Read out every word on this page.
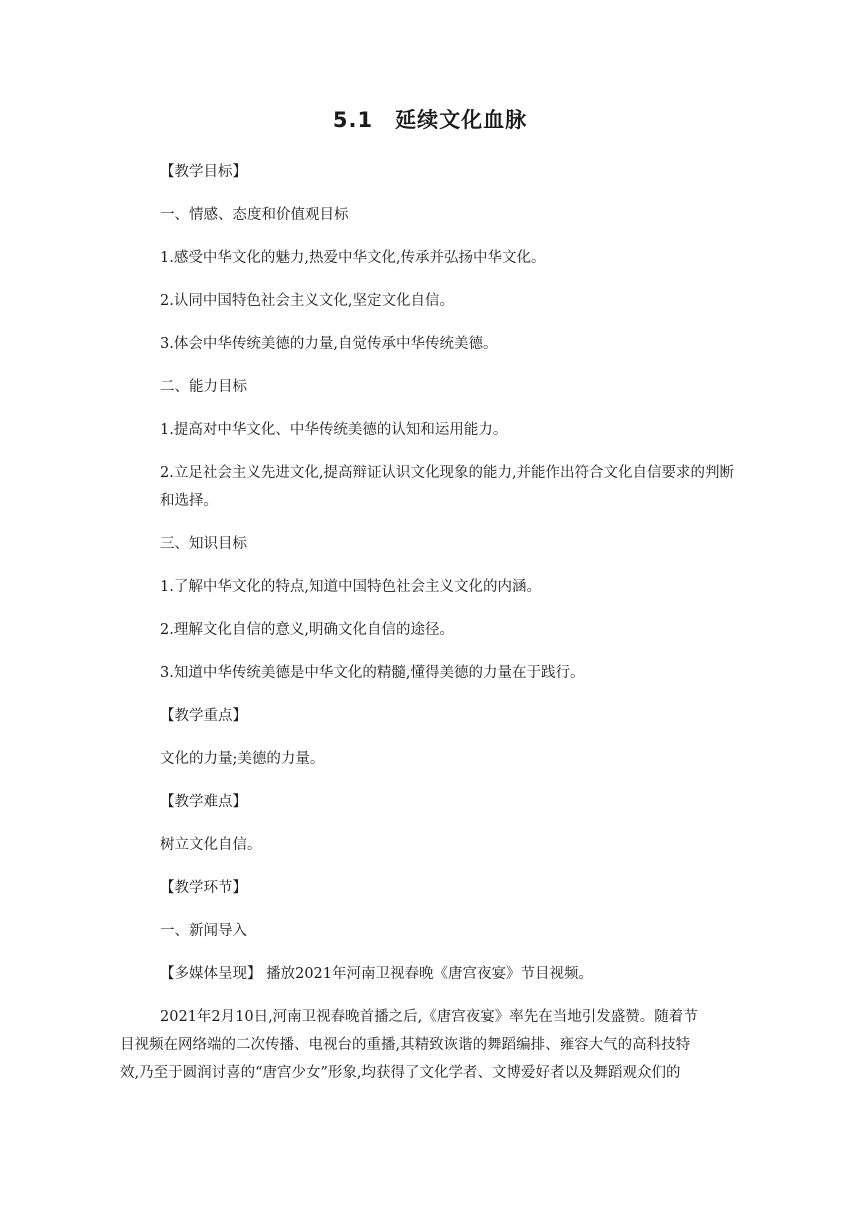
5.1 延续文化血脉
【教学目标】
一、情感、态度和价值观目标
1.感受中华文化的魅力,热爱中华文化,传承并弘扬中华文化。
2.认同中国特色社会主义文化,坚定文化自信。
3.体会中华传统美德的力量,自觉传承中华传统美德。
二、能力目标
1.提高对中华文化、中华传统美德的认知和运用能力。
2.立足社会主义先进文化,提高辩证认识文化现象的能力,并能作出符合文化自信要求的判断和选择。
三、知识目标
1.了解中华文化的特点,知道中国特色社会主义文化的内涵。
2.理解文化自信的意义,明确文化自信的途径。
3.知道中华传统美德是中华文化的精髓,懂得美德的力量在于践行。
【教学重点】
文化的力量;美德的力量。
【教学难点】
树立文化自信。
【教学环节】
一、新闻导入
【多媒体呈现】 播放2021年河南卫视春晚《唐宫夜宴》节目视频。
2021年2月10日,河南卫视春晚首播之后,《唐宫夜宴》率先在当地引发盛赞。随着节目视频在网络端的二次传播、电视台的重播,其精致诙谐的舞蹈编排、雍容大气的高科技特效,乃至于圆润讨喜的“唐宫少女”形象,均获得了文化学者、文博爱好者以及舞蹈观众们的
